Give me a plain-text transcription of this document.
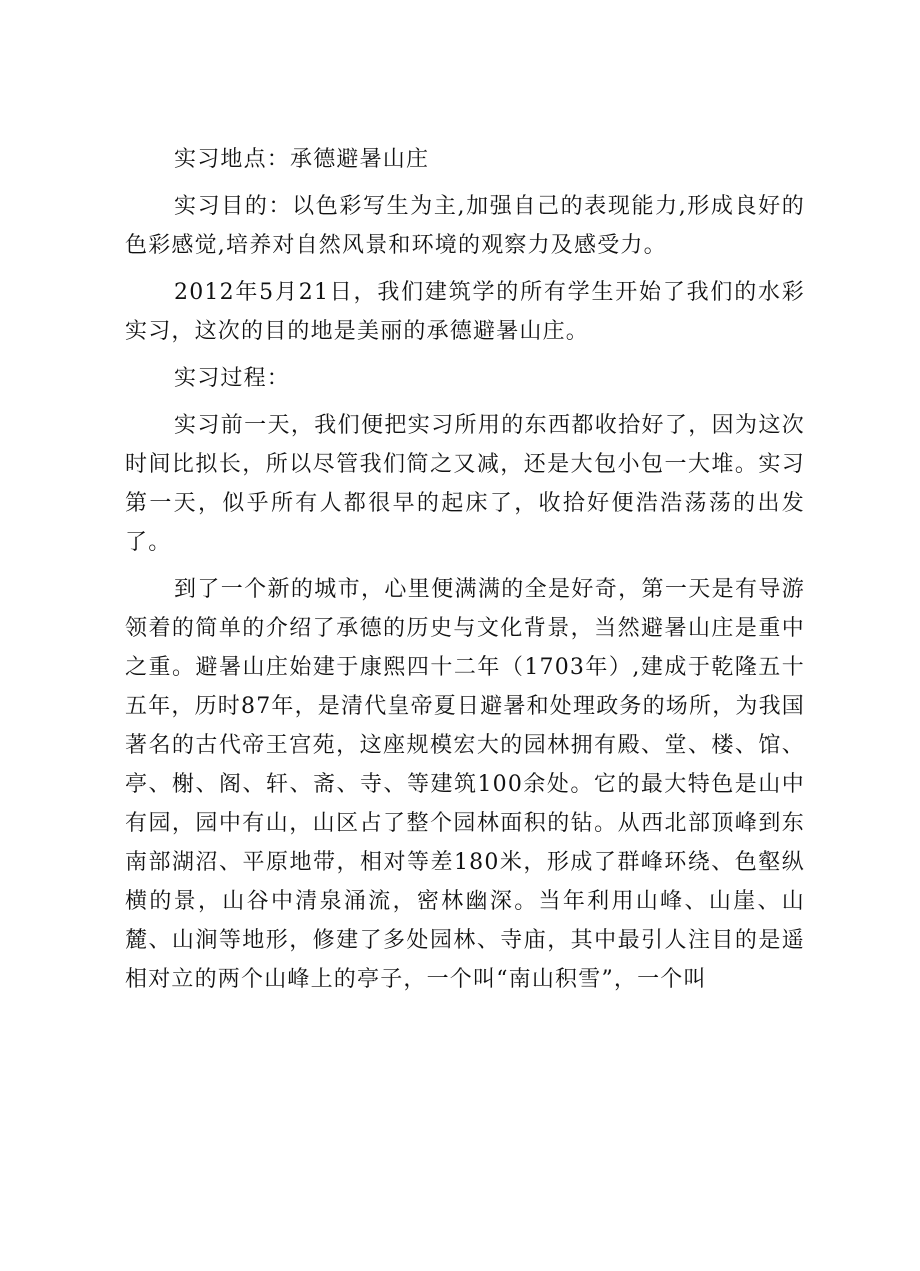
实习地点：承德避暑山庄

实习目的：以色彩写生为主,加强自己的表现能力,形成良好的色彩感觉,培养对自然风景和环境的观察力及感受力。

2012年5月21日，我们建筑学的所有学生开始了我们的水彩实习，这次的目的地是美丽的承德避暑山庄。

实习过程：

实习前一天，我们便把实习所用的东西都收拾好了，因为这次时间比拟长，所以尽管我们简之又减，还是大包小包一大堆。实习第一天，似乎所有人都很早的起床了，收拾好便浩浩荡荡的出发了。

到了一个新的城市，心里便满满的全是好奇，第一天是有导游领着的简单的介绍了承德的历史与文化背景，当然避暑山庄是重中之重。避暑山庄始建于康熙四十二年（1703年）,建成于乾隆五十五年，历时87年，是清代皇帝夏日避暑和处理政务的场所，为我国著名的古代帝王宫苑，这座规模宏大的园林拥有殿、堂、楼、馆、亭、榭、阁、轩、斋、寺、等建筑100余处。它的最大特色是山中有园，园中有山，山区占了整个园林面积的钻。从西北部顶峰到东南部湖沼、平原地带，相对等差180米，形成了群峰环绕、色壑纵横的景，山谷中清泉涌流，密林幽深。当年利用山峰、山崖、山麓、山涧等地形，修建了多处园林、寺庙，其中最引人注目的是遥相对立的两个山峰上的亭子，一个叫“南山积雪”，一个叫
